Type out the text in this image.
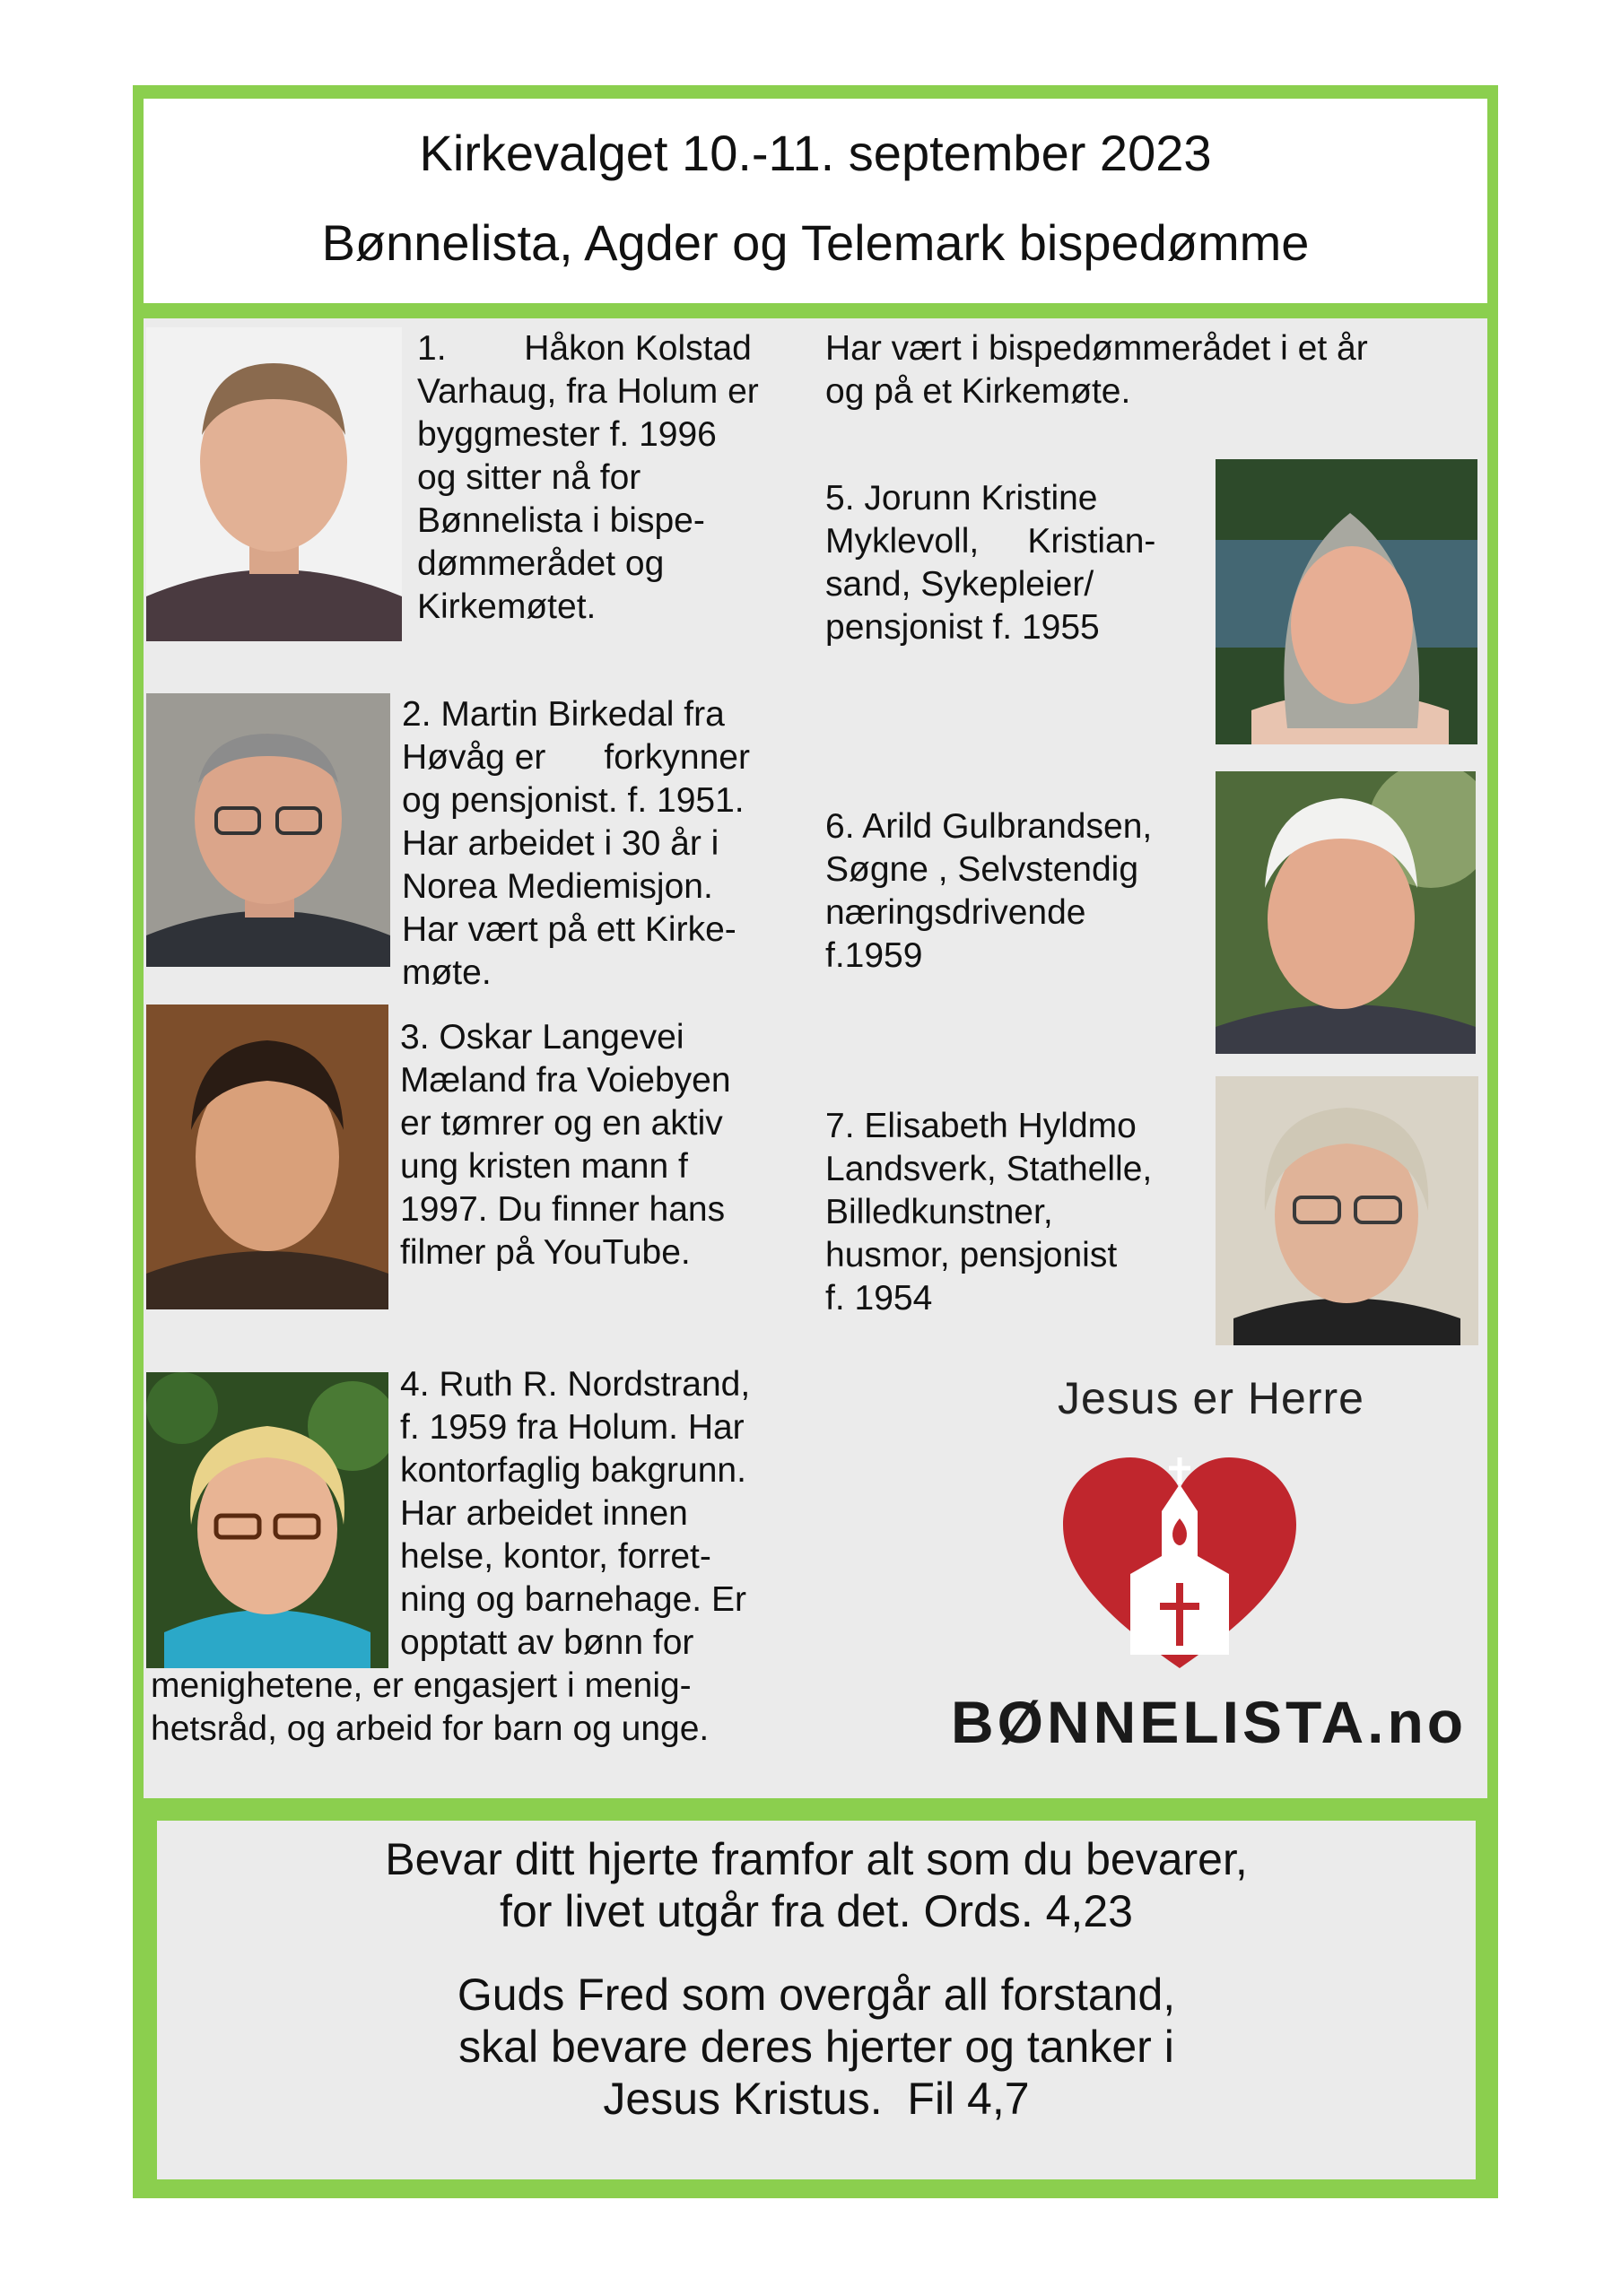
Kirkevalget 10.-11. september 2023
Bønnelista, Agder og Telemark bispedømme
1.        Håkon Kolstad
Varhaug, fra Holum er
byggmester f. 1996
og sitter nå for
Bønnelista i bispe-
dømmerådet og
Kirkemøtet.
Har vært i bispedømmerådet i et år
og på et Kirkemøte.
2. Martin Birkedal fra
Høvåg er      forkynner
og pensjonist. f. 1951.
Har arbeidet i 30 år i
Norea Mediemisjon.
Har vært på ett Kirke-
møte.
3. Oskar Langevei
Mæland fra Voiebyen
er tømrer og en aktiv
ung kristen mann f
1997. Du finner hans
filmer på YouTube.
4. Ruth R. Nordstrand,
f. 1959 fra Holum. Har
kontorfaglig bakgrunn.
Har arbeidet innen
helse, kontor, forret-
ning og barnehage. Er
opptatt av bønn for
menighetene, er engasjert i menig-
hetsråd, og arbeid for barn og unge.
5. Jorunn Kristine
Myklevoll,     Kristian-
sand, Sykepleier/
pensjonist f. 1955
6. Arild Gulbrandsen,
Søgne , Selvstendig
næringsdrivende
f.1959
7. Elisabeth Hyldmo
Landsverk, Stathelle,
Billedkunstner,
husmor, pensjonist
f. 1954
Jesus er Herre
BØNNELISTA.no
Bevar ditt hjerte framfor alt som du bevarer,
for livet utgår fra det. Ords. 4,23
Guds Fred som overgår all forstand,
skal bevare deres hjerter og tanker i
Jesus Kristus.  Fil 4,7
